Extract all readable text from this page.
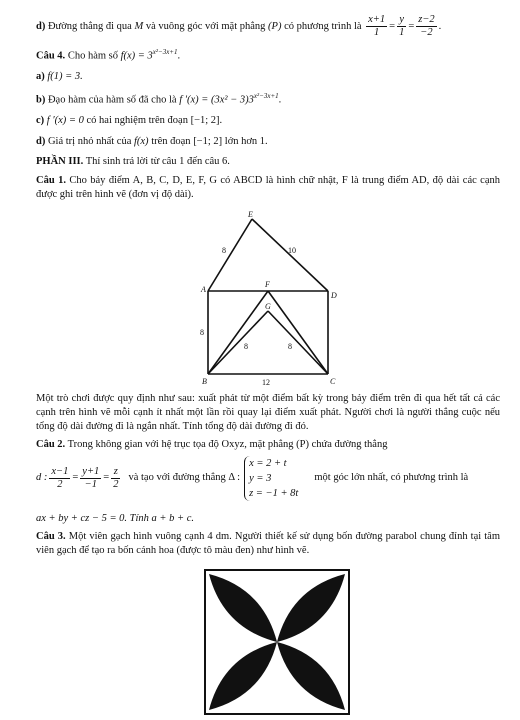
d) Đường thẳng đi qua M và vuông góc với mặt phẳng (P) có phương trình là $\frac{x+1}{1} = \frac{y}{1} = \frac{z-2}{-2}$ .

Câu 4. Cho hàm số $f(x) = 3^{x^2-3x+1}$.

a) f(1) = 3.

b) Đạo hàm của hàm số đã cho là f $'(x) = (3x^2 - 3)3^{x^2-3x+1}$.

c) f ′(x) = 0 có hai nghiệm trên đoạn [−1; 2].

d) Giá trị nhỏ nhất của f(x) trên đoạn [−1; 2] lớn hơn 1.

PHẦN III. Thí sinh trả lời từ câu 1 đến câu 6.

Câu 1. Cho bảy điểm A, B, C, D, E, F, G có ABCD là hình chữ nhật, F là trung điểm AD, độ dài các cạnh được ghi trên hình vẽ (đơn vị độ dài).

E
A
D
F
G
B	C
8	10
8
8	8
12

Một trò chơi được quy định như sau: xuất phát từ một điểm bất kỳ trong bảy điểm trên đi qua hết tất cả các cạnh trên hình vẽ mỗi cạnh ít nhất một lần rồi quay lại điểm xuất phát. Người chơi là người thắng cuộc nếu tổng độ dài đường đi là ngắn nhất. Tính tổng độ dài đường đi đó.

Câu 2. Trong không gian với hệ trục tọa độ Oxyz, mặt phẳng (P) chứa đường thẳng

d : $\frac{x-1}{2} = \frac{y+1}{-1} = \frac{z}{2}$ và tạo với đường thẳng Δ :
x = 2 + t
y = 3
z = −1 + 8t
một góc lớn nhất, có phương trình là

ax + by + cz − 5 = 0. Tính a + b + c.

Câu 3. Một viên gạch hình vuông cạnh 4 dm. Người thiết kế sử dụng bốn đường parabol chung đỉnh tại tâm viên gạch để tạo ra bốn cánh hoa (được tô màu đen) như hình vẽ.
